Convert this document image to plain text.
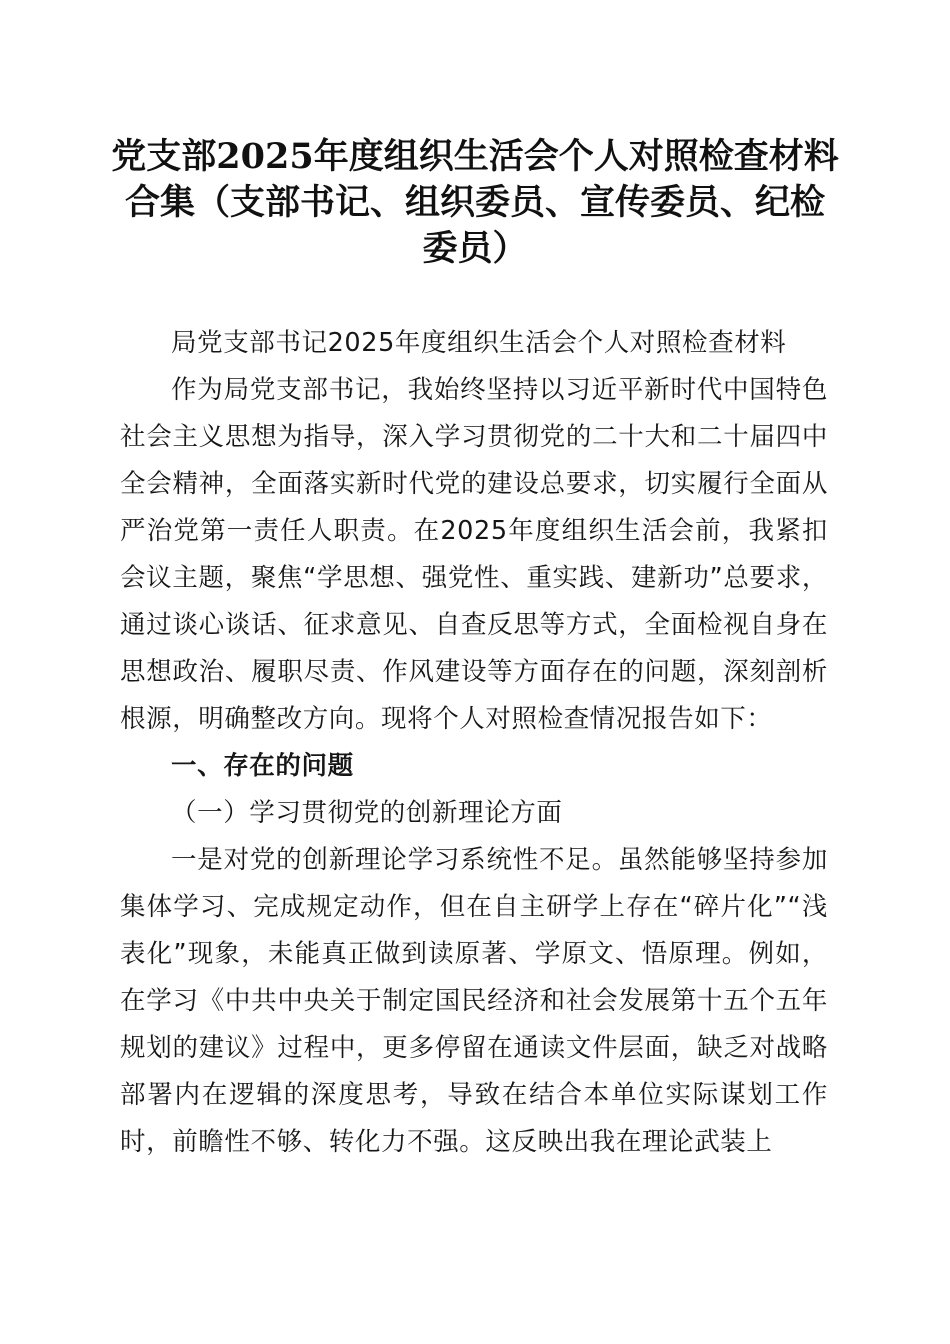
党支部2025年度组织生活会个人对照检查材料合集（支部书记、组织委员、宣传委员、纪检委员）

局党支部书记2025年度组织生活会个人对照检查材料

作为局党支部书记，我始终坚持以习近平新时代中国特色社会主义思想为指导，深入学习贯彻党的二十大和二十届四中全会精神，全面落实新时代党的建设总要求，切实履行全面从严治党第一责任人职责。在2025年度组织生活会前，我紧扣会议主题，聚焦“学思想、强党性、重实践、建新功”总要求，通过谈心谈话、征求意见、自查反思等方式，全面检视自身在思想政治、履职尽责、作风建设等方面存在的问题，深刻剖析根源，明确整改方向。现将个人对照检查情况报告如下：

一、存在的问题

（一）学习贯彻党的创新理论方面

一是对党的创新理论学习系统性不足。虽然能够坚持参加集体学习、完成规定动作，但在自主研学上存在“碎片化”“浅表化”现象，未能真正做到读原著、学原文、悟原理。例如，在学习《中共中央关于制定国民经济和社会发展第十五个五年规划的建议》过程中，更多停留在通读文件层面，缺乏对战略部署内在逻辑的深度思考，导致在结合本单位实际谋划工作时，前瞻性不够、转化力不强。这反映出我在理论武装上
